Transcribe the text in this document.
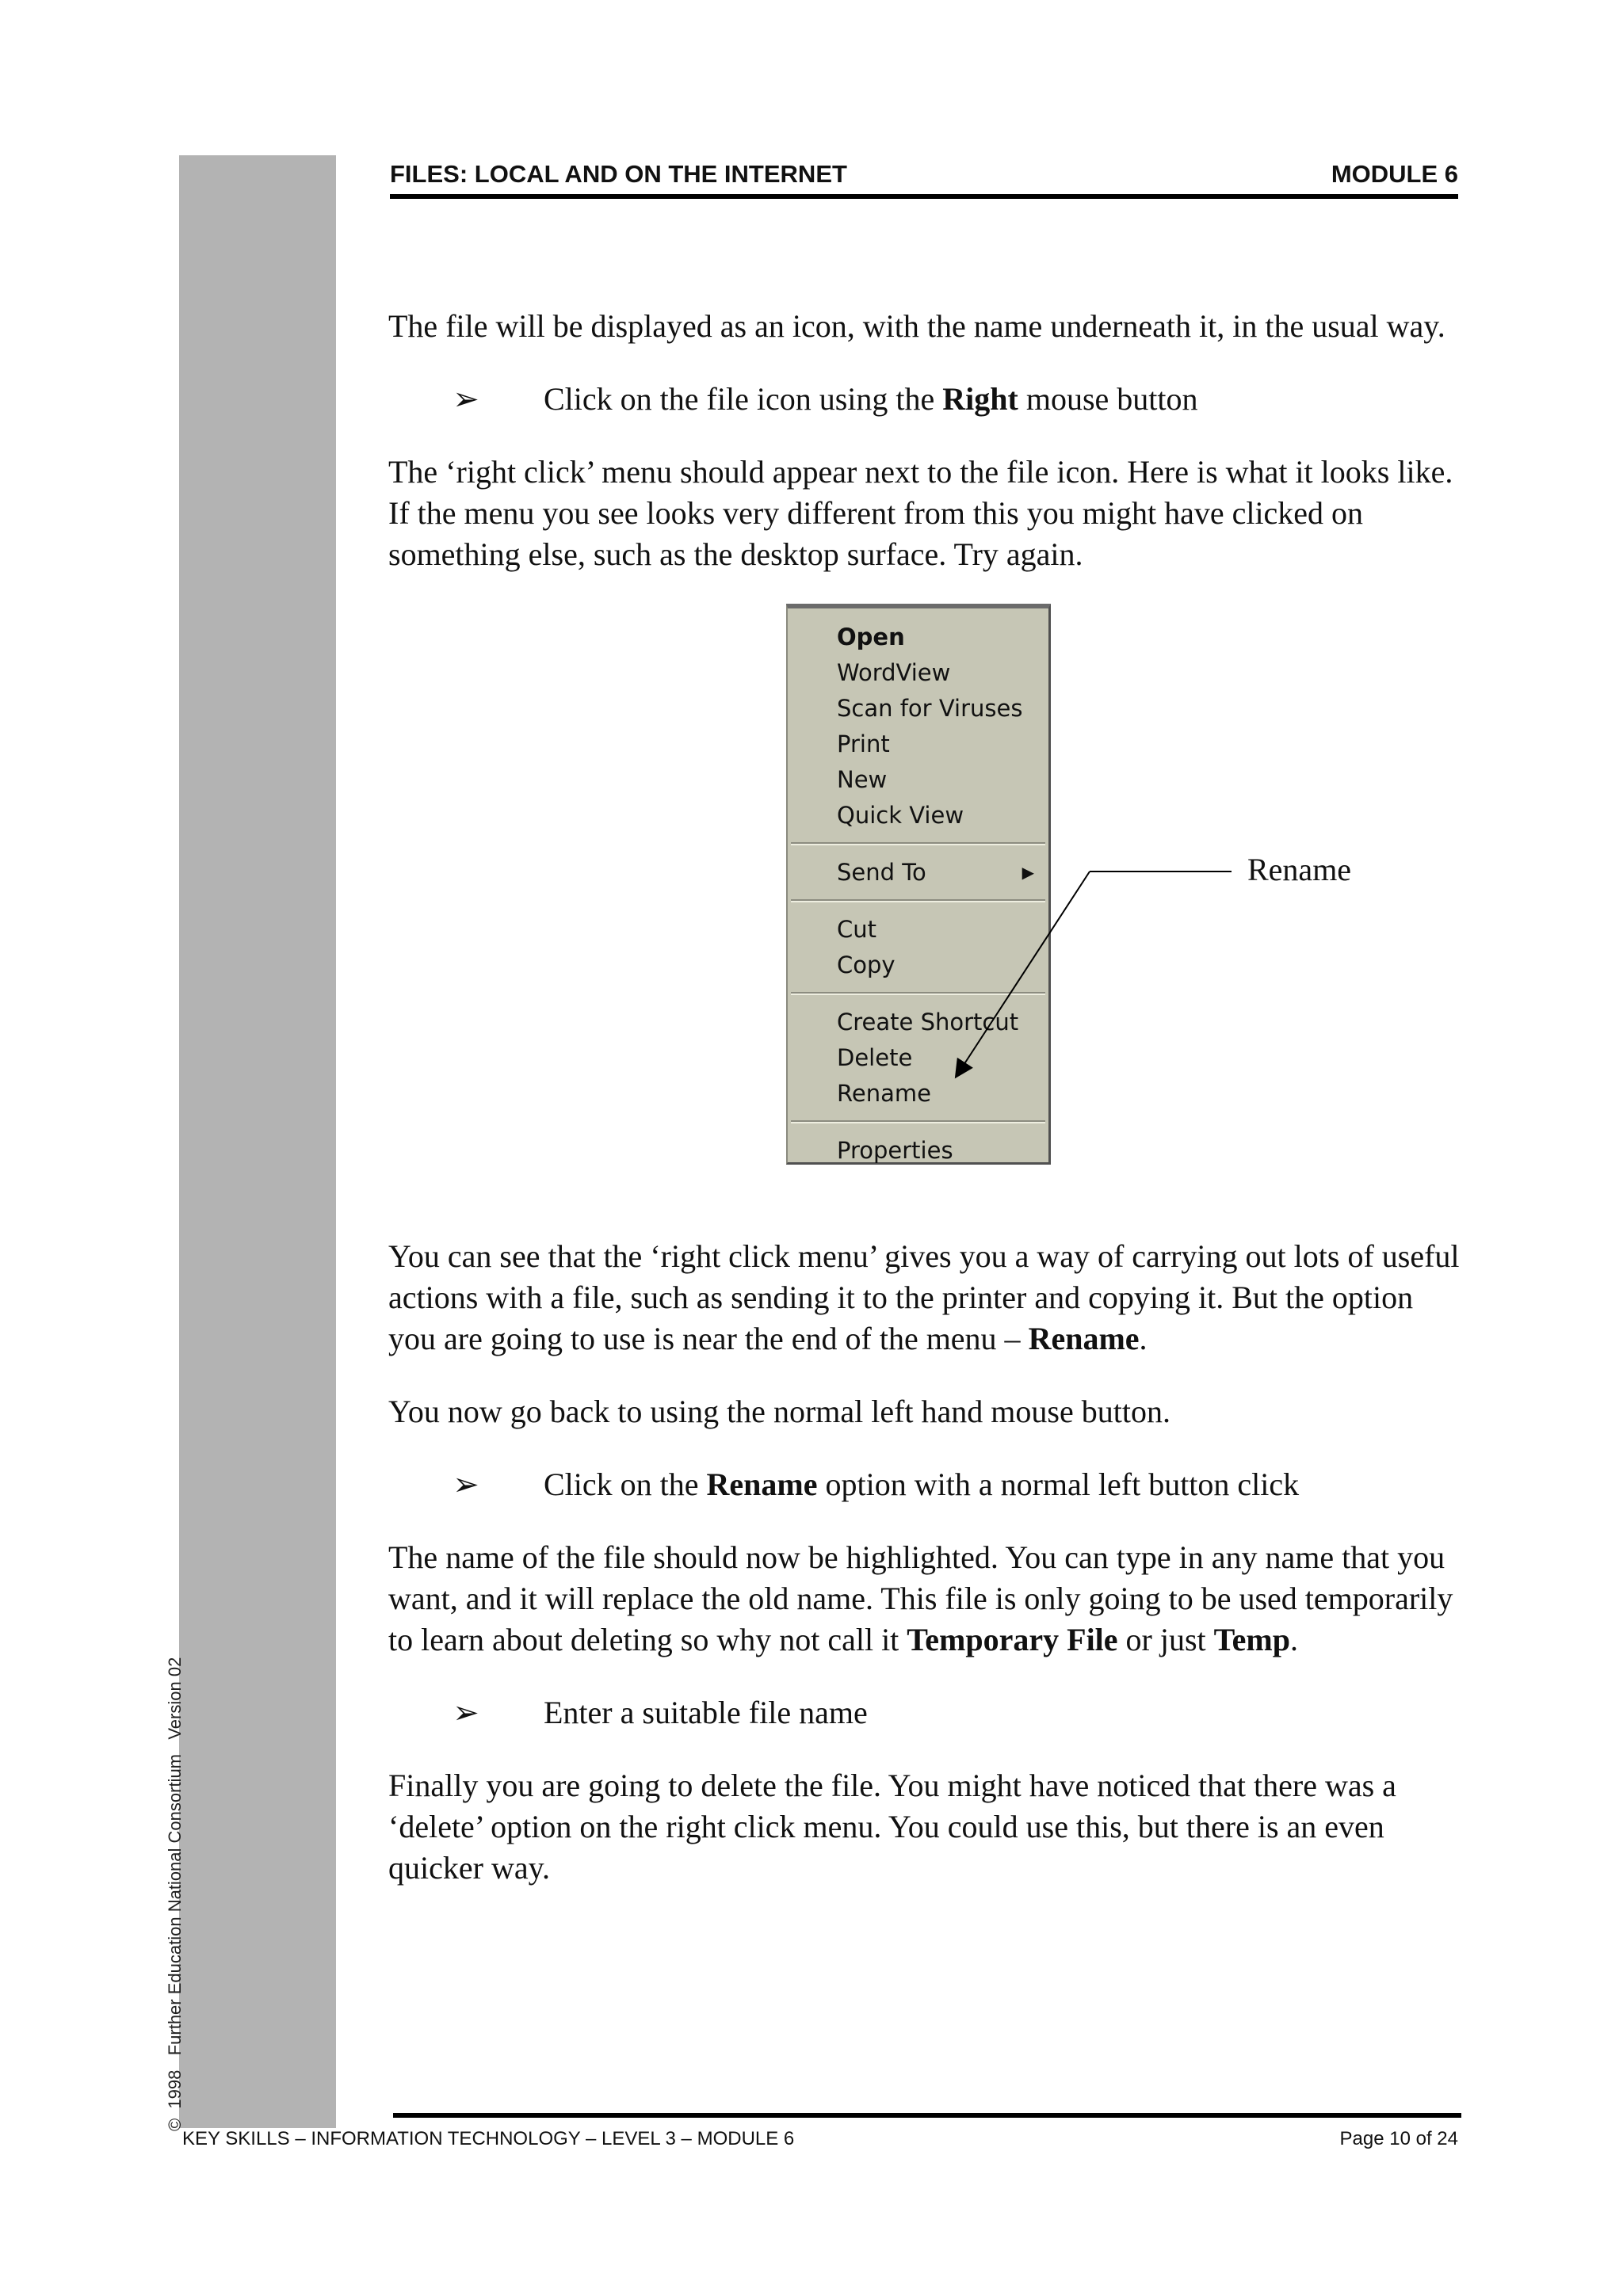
©  1998   Further Education National Consortium   Version 02
FILES: LOCAL AND ON THE INTERNET	MODULE 6

The file will be displayed as an icon, with the name underneath it, in the usual way.

➢	Click on the file icon using the Right mouse button

The ‘right click’ menu should appear next to the file icon. Here is what it looks like. If the menu you see looks very different from this you might have clicked on something else, such as the desktop surface. Try again.

Open
WordView
Scan for Viruses
Print
New
Quick View
Send To	▶
Cut
Copy
Create Shortcut
Delete
Rename
Properties
Rename

You can see that the ‘right click menu’ gives you a way of carrying out lots of useful actions with a file, such as sending it to the printer and copying it. But the option you are going to use is near the end of the menu – Rename.

You now go back to using the normal left hand mouse button.

➢	Click on the Rename option with a normal left button click

The name of the file should now be highlighted. You can type in any name that you want, and it will replace the old name. This file is only going to be used temporarily to learn about deleting so why not call it Temporary File or just Temp.

➢	Enter a suitable file name

Finally you are going to delete the file. You might have noticed that there was a ‘delete’ option on the right click menu. You could use this, but there is an even quicker way.

KEY SKILLS – INFORMATION TECHNOLOGY – LEVEL 3 – MODULE 6	Page 10 of 24
